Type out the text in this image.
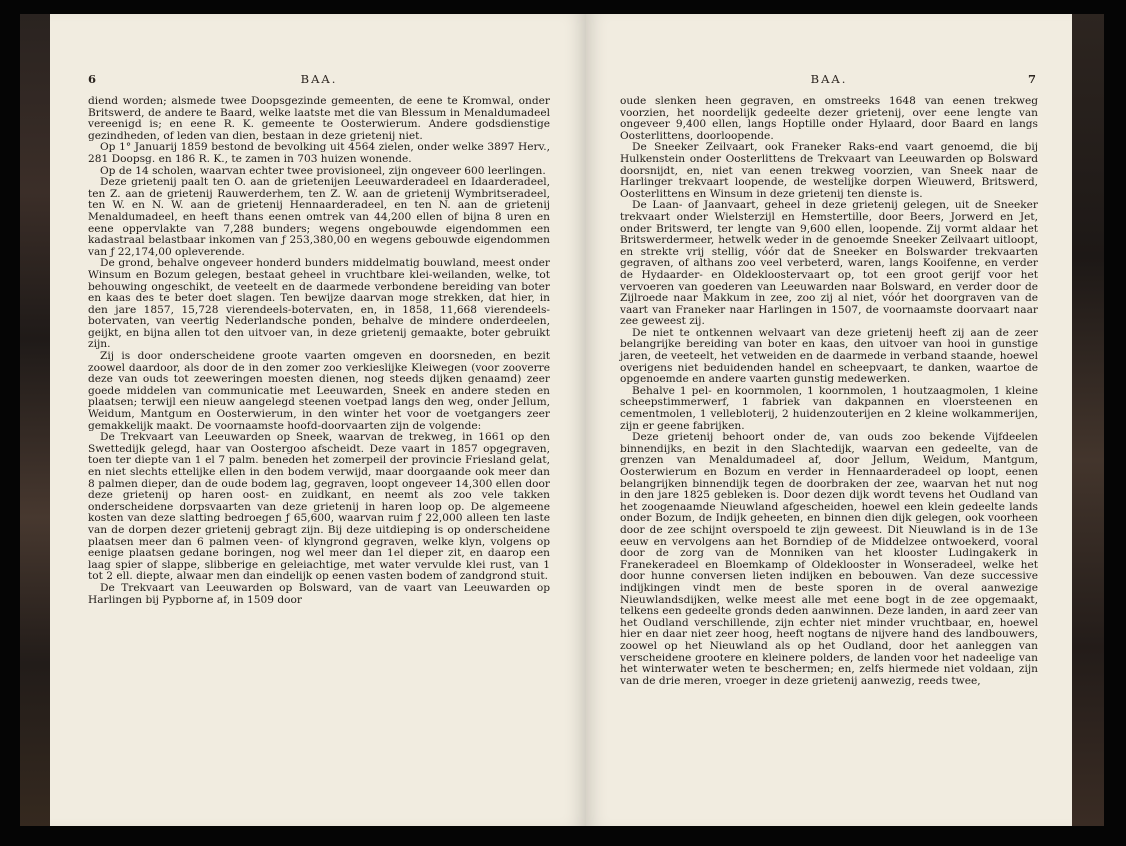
6	BAA.

diend worden; alsmede twee Doopsgezinde gemeenten, de eene te Kromwal, onder Britswerd, de andere te Baard, welke laatste met die van Blessum in Menaldumadeel vereenigd is; en eene R. K. gemeente te Oosterwierum. Andere godsdienstige gezindheden, of leden van dien, bestaan in deze grietenij niet.

Op 1° Januarij 1859 bestond de bevolking uit 4564 zielen, onder welke 3897 Herv., 281 Doopsg. en 186 R. K., te zamen in 703 huizen wonende.

Op de 14 scholen, waarvan echter twee provisioneel, zijn ongeveer 600 leerlingen.

Deze grietenij paalt ten O. aan de grietenijen Leeuwarderadeel en Idaarderadeel, ten Z. aan de grietenij Rauwerderhem, ten Z. W. aan de grietenij Wymbritseradeel, ten W. en N. W. aan de grietenij Hennaarderadeel, en ten N. aan de grietenij Menaldumadeel, en heeft thans eenen omtrek van 44,200 ellen of bijna 8 uren en eene oppervlakte van 7,288 bunders; wegens ongebouwde eigendommen een kadastraal belastbaar inkomen van ƒ 253,380,00 en wegens gebouwde eigendommen van ƒ 22,174,00 opleverende.

De grond, behalve ongeveer honderd bunders middelmatig bouwland, meest onder Winsum en Bozum gelegen, bestaat geheel in vruchtbare klei-weilanden, welke, tot behouwing ongeschikt, de veeteelt en de daarmede verbondene bereiding van boter en kaas des te beter doet slagen. Ten bewijze daarvan moge strekken, dat hier, in den jare 1857, 15,728 vierendeels-botervaten, en, in 1858, 11,668 vierendeels-botervaten, van veertig Nederlandsche ponden, behalve de mindere onderdeelen, geijkt, en bijna allen tot den uitvoer van, in deze grietenij gemaakte, boter gebruikt zijn.

Zij is door onderscheidene groote vaarten omgeven en doorsneden, en bezit zoowel daardoor, als door de in den zomer zoo verkieslijke Kleiwegen (voor zooverre deze van ouds tot zeeweringen moesten dienen, nog steeds dijken genaamd) zeer goede middelen van communicatie met Leeuwarden, Sneek en andere steden en plaatsen; terwijl een nieuw aangelegd steenen voetpad langs den weg, onder Jellum, Weidum, Mantgum en Oosterwierum, in den winter het voor de voetgangers zeer gemakkelijk maakt. De voornaamste hoofd-doorvaarten zijn de volgende:

De Trekvaart van Leeuwarden op Sneek, waarvan de trekweg, in 1661 op den Swettedijk gelegd, haar van Oostergoo afscheidt. Deze vaart in 1857 opgegraven, toen ter diepte van 1 el 7 palm. beneden het zomerpeil der provincie Friesland gelat, en niet slechts ettelijke ellen in den bodem verwijd, maar doorgaande ook meer dan 8 palmen dieper, dan de oude bodem lag, gegraven, loopt ongeveer 14,300 ellen door deze grietenij op haren oost- en zuidkant, en neemt als zoo vele takken onderscheidene dorpsvaarten van deze grietenij in haren loop op. De algemeene kosten van deze slatting bedroegen ƒ 65,600, waarvan ruim ƒ 22,000 alleen ten laste van de dorpen dezer grietenij gebragt zijn. Bij deze uitdieping is op onderscheidene plaatsen meer dan 6 palmen veen- of klyngrond gegraven, welke klyn, volgens op eenige plaatsen gedane boringen, nog wel meer dan 1el dieper zit, en daarop een laag spier of slappe, slibberige en geleiachtige, met water vervulde klei rust, van 1 tot 2 ell. diepte, alwaar men dan eindelijk op eenen vasten bodem of zandgrond stuit.

De Trekvaart van Leeuwarden op Bolsward, van de vaart van Leeuwarden op Harlingen bij Pypborne af, in 1509 door

BAA.	7

oude slenken heen gegraven, en omstreeks 1648 van eenen trekweg voorzien, het noordelijk gedeelte dezer grietenij, over eene lengte van ongeveer 9,400 ellen, langs Hoptille onder Hylaard, door Baard en langs Oosterlittens, doorloopende.

De Sneeker Zeilvaart, ook Franeker Raks-end vaart genoemd, die bij Hulkenstein onder Oosterlittens de Trekvaart van Leeuwarden op Bolsward doorsnijdt, en, niet van eenen trekweg voorzien, van Sneek naar de Harlinger trekvaart loopende, de westelijke dorpen Wieuwerd, Britswerd, Oosterlittens en Winsum in deze grietenij ten dienste is.

De Laan- of Jaanvaart, geheel in deze grietenij gelegen, uit de Sneeker trekvaart onder Wielsterzijl en Hemstertille, door Beers, Jorwerd en Jet, onder Britswerd, ter lengte van 9,600 ellen, loopende. Zij vormt aldaar het Britswerdermeer, hetwelk weder in de genoemde Sneeker Zeilvaart uitloopt, en strekte vrij stellig, vóór dat de Sneeker en Bolswarder trekvaarten gegraven, of althans zoo veel verbeterd, waren, langs Kooifenne, en verder de Hydaarder- en Oldekloostervaart op, tot een groot gerijf voor het vervoeren van goederen van Leeuwarden naar Bolsward, en verder door de Zijlroede naar Makkum in zee, zoo zij al niet, vóór het doorgraven van de vaart van Franeker naar Harlingen in 1507, de voornaamste doorvaart naar zee geweest zij.

De niet te ontkennen welvaart van deze grietenij heeft zij aan de zeer belangrijke bereiding van boter en kaas, den uitvoer van hooi in gunstige jaren, de veeteelt, het vetweiden en de daarmede in verband staande, hoewel overigens niet beduidenden handel en scheepvaart, te danken, waartoe de opgenoemde en andere vaarten gunstig medewerken.

Behalve 1 pel- en koornmolen, 1 koornmolen, 1 houtzaagmolen, 1 kleine scheepstimmerwerf, 1 fabriek van dakpannen en vloersteenen en cementmolen, 1 vellebloterij, 2 huidenzouterijen en 2 kleine wolkammerijen, zijn er geene fabrijken.

Deze grietenij behoort onder de, van ouds zoo bekende Vijfdeelen binnendijks, en bezit in den Slachtedijk, waarvan een gedeelte, van de grenzen van Menaldumadeel af, door Jellum, Weidum, Mantgum, Oosterwierum en Bozum en verder in Hennaarderadeel op loopt, eenen belangrijken binnendijk tegen de doorbraken der zee, waarvan het nut nog in den jare 1825 gebleken is. Door dezen dijk wordt tevens het Oudland van het zoogenaamde Nieuwland afgescheiden, hoewel een klein gedeelte lands onder Bozum, de Indijk geheeten, en binnen dien dijk gelegen, ook voorheen door de zee schijnt overspoeld te zijn geweest. Dit Nieuwland is in de 13e eeuw en vervolgens aan het Borndiep of de Middelzee ontwoekerd, vooral door de zorg van de Monniken van het klooster Ludingakerk in Franekeradeel en Bloemkamp of Oldeklooster in Wonseradeel, welke het door hunne conversen lieten indijken en bebouwen. Van deze successive indijkingen vindt men de beste sporen in de overal aanwezige Nieuwlandsdijken, welke meest alle met eene bogt in de zee opgemaakt, telkens een gedeelte gronds deden aanwinnen. Deze landen, in aard zeer van het Oudland verschillende, zijn echter niet minder vruchtbaar, en, hoewel hier en daar niet zeer hoog, heeft nogtans de nijvere hand des landbouwers, zoowel op het Nieuwland als op het Oudland, door het aanleggen van verscheidene grootere en kleinere polders, de landen voor het nadeelige van het winterwater weten te beschermen; en, zelfs hiermede niet voldaan, zijn van de drie meren, vroeger in deze grietenij aanwezig, reeds twee,
